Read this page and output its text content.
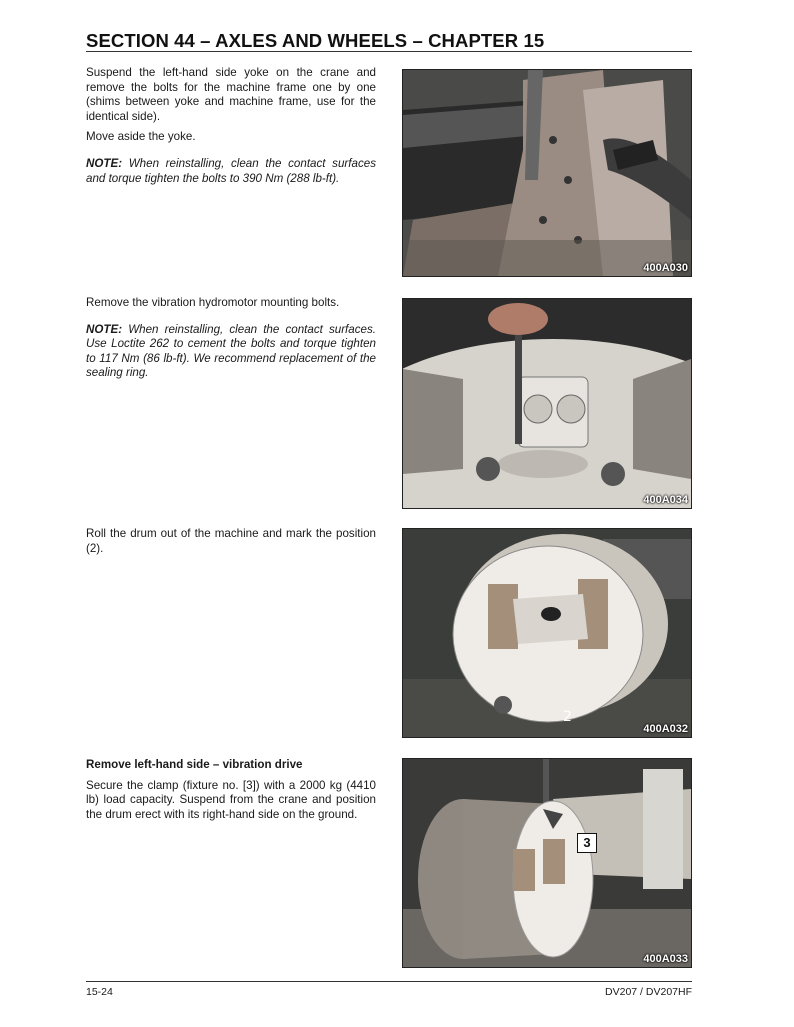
SECTION 44 – AXLES AND WHEELS – CHAPTER 15

Suspend the left-hand side yoke on the crane and remove the bolts for the machine frame one by one (shims between yoke and machine frame, use for the identical side).

Move aside the yoke.

NOTE: When reinstalling, clean the contact surfaces and torque tighten the bolts to 390 Nm (288 lb-ft).

400A030

Remove the vibration hydromotor mounting bolts.

NOTE: When reinstalling, clean the contact surfaces. Use Loctite 262 to cement the bolts and torque tighten to 117 Nm (86 lb-ft). We recommend replacement of the sealing ring.

400A034

Roll the drum out of the machine and mark the position (2).

2
400A032

Remove left-hand side – vibration drive

Secure the clamp (fixture no. [3]) with a 2000 kg (4410 lb) load capacity. Suspend from the crane and position the drum erect with its right-hand side on the ground.

3
400A033
15-24	DV207 / DV207HF
